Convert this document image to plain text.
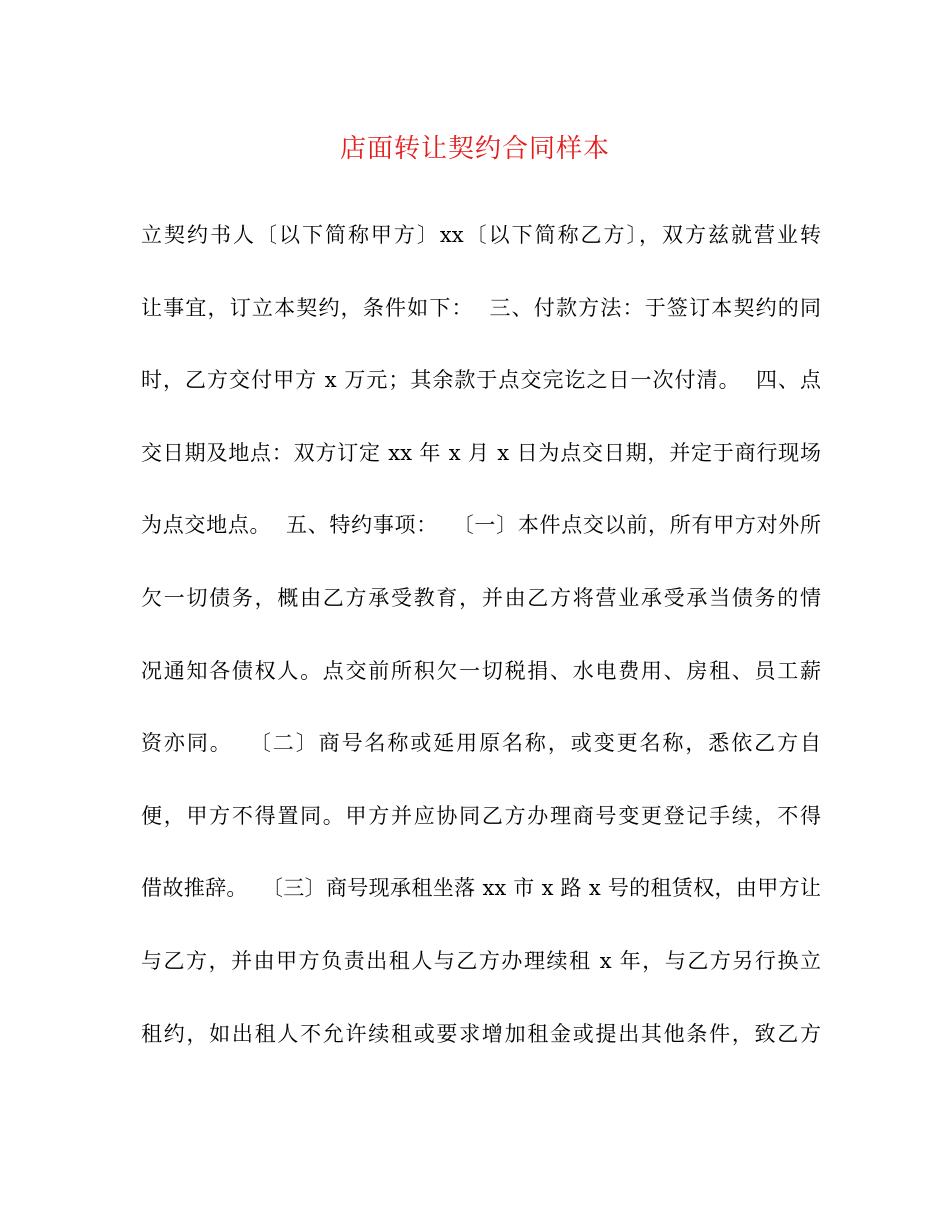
店面转让契约合同样本
立契约书人〔以下简称甲方〕xx〔以下简称乙方〕，双方兹就营业转
让事宜，订立本契约，条件如下：  三、付款方法：于签订本契约的同
时，乙方交付甲方 x 万元；其余款于点交完讫之日一次付清。  四、点
交日期及地点：双方订定 xx 年 x 月 x 日为点交日期，并定于商行现场
为点交地点。  五、特约事项：  〔一〕本件点交以前，所有甲方对外所
欠一切债务，概由乙方承受教育，并由乙方将营业承受承当债务的情
况通知各债权人。点交前所积欠一切税捐、水电费用、房租、员工薪
资亦同。  〔二〕商号名称或延用原名称，或变更名称，悉依乙方自
便，甲方不得置同。甲方并应协同乙方办理商号变更登记手续，不得
借故推辞。  〔三〕商号现承租坐落 xx 市 x 路 x 号的租赁权，由甲方让
与乙方，并由甲方负责出租人与乙方办理续租 x 年，与乙方另行换立
租约，如出租人不允许续租或要求增加租金或提出其他条件，致乙方
